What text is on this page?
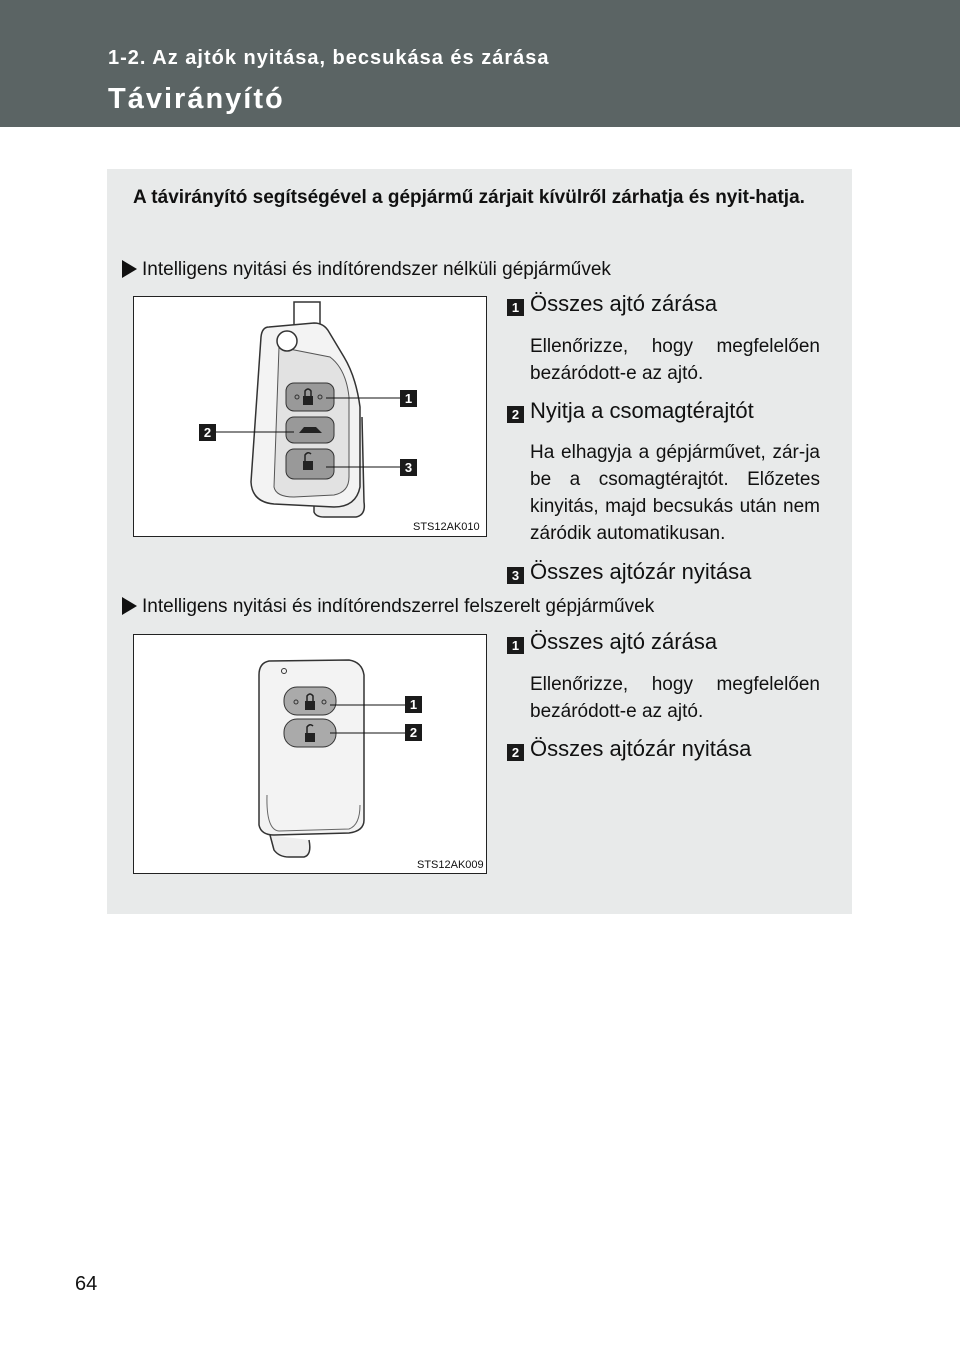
1-2. Az ajtók nyitása, becsukása és zárása
Távirányító
A távirányító segítségével a gépjármű zárjait kívülről zárhatja és nyit-hatja.
Intelligens nyitási és indítórendszer nélküli gépjárművek
1
2
3
STS12AK010
1 Összes ajtó zárása
Ellenőrizze, hogy megfelelően bezáródott-e az ajtó.
2 Nyitja a csomagtérajtót
Ha elhagyja a gépjárművet, zár-ja be a csomagtérajtót. Előzetes kinyitás, majd becsukás után nem záródik automatikusan.
3 Összes ajtózár nyitása
Intelligens nyitási és indítórendszerrel felszerelt gépjárművek
1
2
STS12AK009
1 Összes ajtó zárása
Ellenőrizze, hogy megfelelően bezáródott-e az ajtó.
2 Összes ajtózár nyitása
64
